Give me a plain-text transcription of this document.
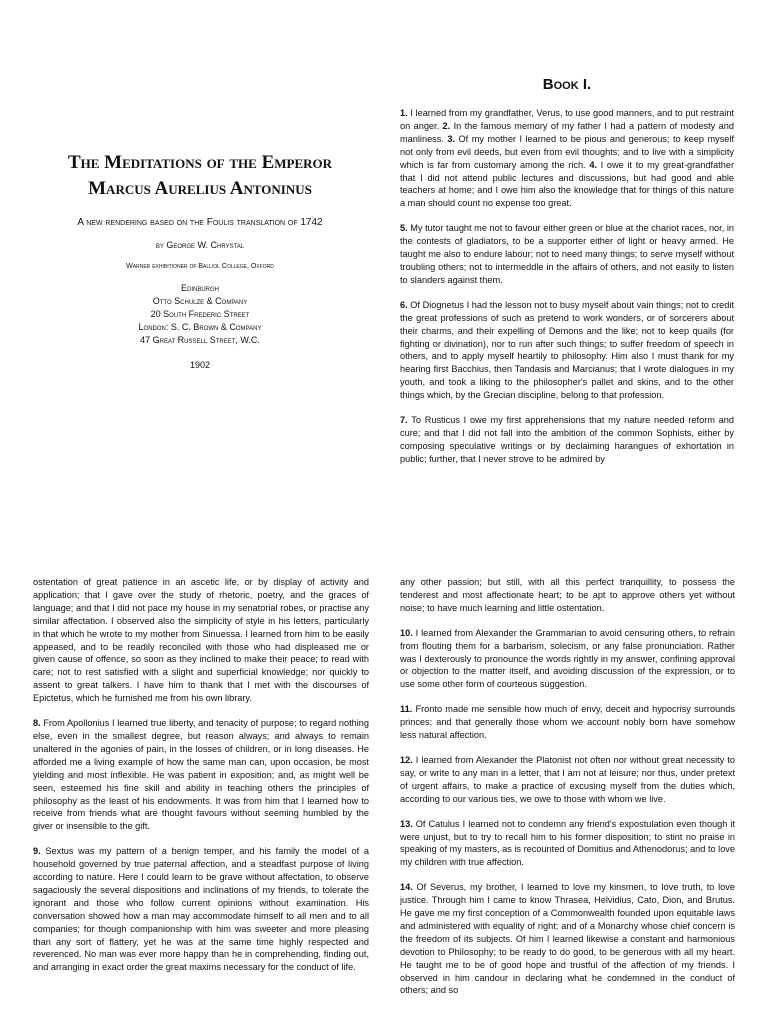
The Meditations of the Emperor

Marcus Aurelius Antoninus

A new rendering based on the Foulis translation of 1742

by George W. Chrystal

Warner exhibitioner of Balliol College, Oxford

Edinburgh

Otto Schulze & Company

20 South Frederic Street

London: S. C. Brown & Company

47 Great Russell Street, W.C.

1902

Book I.

1. I learned from my grandfather, Verus, to use good manners, and to put restraint on anger. 2. In the famous memory of my father I had a pattern of modesty and manliness. 3. Of my mother I learned to be pious and generous; to keep myself not only from evil deeds, but even from evil thoughts; and to live with a simplicity which is far from customary among the rich. 4. I owe it to my great-grandfather that I did not attend public lectures and discussions, but had good and able teachers at home; and I owe him also the knowledge that for things of this nature a man should count no expense too great.

5. My tutor taught me not to favour either green or blue at the chariot races, nor, in the contests of gladiators, to be a supporter either of light or heavy armed. He taught me also to endure labour; not to need many things; to serve myself without troubling others; not to intermeddle in the affairs of others, and not easily to listen to slanders against them.

6. Of Diognetus I had the lesson not to busy myself about vain things; not to credit the great professions of such as pretend to work wonders, or of sorcerers about their charms, and their expelling of Demons and the like; not to keep quails (for fighting or divination), nor to run after such things; to suffer freedom of speech in others, and to apply myself heartily to philosophy. Him also I must thank for my hearing first Bacchius, then Tandasis and Marcianus; that I wrote dialogues in my youth, and took a liking to the philosopher's pallet and skins, and to the other things which, by the Grecian discipline, belong to that profession.

7. To Rusticus I owe my first apprehensions that my nature needed reform and cure; and that I did not fall into the ambition of the common Sophists, either by composing speculative writings or by declaiming harangues of exhortation in public; further, that I never strove to be admired by

ostentation of great patience in an ascetic life, or by display of activity and application; that I gave over the study of rhetoric, poetry, and the graces of language; and that I did not pace my house in my senatorial robes, or practise any similar affectation. I observed also the simplicity of style in his letters, particularly in that which he wrote to my mother from Sinuessa. I learned from him to be easily appeased, and to be readily reconciled with those who had displeased me or given cause of offence, so soon as they inclined to make their peace; to read with care; not to rest satisfied with a slight and superficial knowledge; nor quickly to assent to great talkers. I have him to thank that I met with the discourses of Epictetus, which he furnished me from his own library.

8. From Apollonius I learned true liberty, and tenacity of purpose; to regard nothing else, even in the smallest degree, but reason always; and always to remain unaltered in the agonies of pain, in the losses of children, or in long diseases. He afforded me a living example of how the same man can, upon occasion, be most yielding and most inflexible. He was patient in exposition; and, as might well be seen, esteemed his fine skill and ability in teaching others the principles of philosophy as the least of his endowments. It was from him that I learned how to receive from friends what are thought favours without seeming humbled by the giver or insensible to the gift.

9. Sextus was my pattern of a benign temper, and his family the model of a household governed by true paternal affection, and a steadfast purpose of living according to nature. Here I could learn to be grave without affectation, to observe sagaciously the several dispositions and inclinations of my friends, to tolerate the ignorant and those who follow current opinions without examination. His conversation showed how a man may accommodate himself to all men and to all companies; for though companionship with him was sweeter and more pleasing than any sort of flattery, yet he was at the same time highly respected and reverenced. No man was ever more happy than he in comprehending, finding out, and arranging in exact order the great maxims necessary for the conduct of life.

any other passion; but still, with all this perfect tranquillity, to possess the tenderest and most affectionate heart; to be apt to approve others yet without noise; to have much learning and little ostentation.

10. I learned from Alexander the Grammarian to avoid censuring others, to refrain from flouting them for a barbarism, solecism, or any false pronunciation. Rather was I dexterously to pronounce the words rightly in my answer, confining approval or objection to the matter itself, and avoiding discussion of the expression, or to use some other form of courteous suggestion.

11. Fronto made me sensible how much of envy, deceit and hypocrisy surrounds princes; and that generally those whom we account nobly born have somehow less natural affection.

12. I learned from Alexander the Platonist not often nor without great necessity to say, or write to any man in a letter, that I am not at leisure; nor thus, under pretext of urgent affairs, to make a practice of excusing myself from the duties which, according to our various ties, we owe to those with whom we live.

13. Of Catulus I learned not to condemn any friend's expostulation even though it were unjust, but to try to recall him to his former disposition; to stint no praise in speaking of my masters, as is recounted of Domitius and Athenodorus; and to love my children with true affection.

14. Of Severus, my brother, I learned to love my kinsmen, to love truth, to love justice. Through him I came to know Thrasea, Helvidius, Cato, Dion, and Brutus. He gave me my first conception of a Commonwealth founded upon equitable laws and administered with equality of right; and of a Monarchy whose chief concern is the freedom of its subjects. Of him I learned likewise a constant and harmonious devotion to Philosophy; to be ready to do good, to be generous with all my heart. He taught me to be of good hope and trustful of the affection of my friends. I observed in him candour in declaring what he condemned in the conduct of others; and so
